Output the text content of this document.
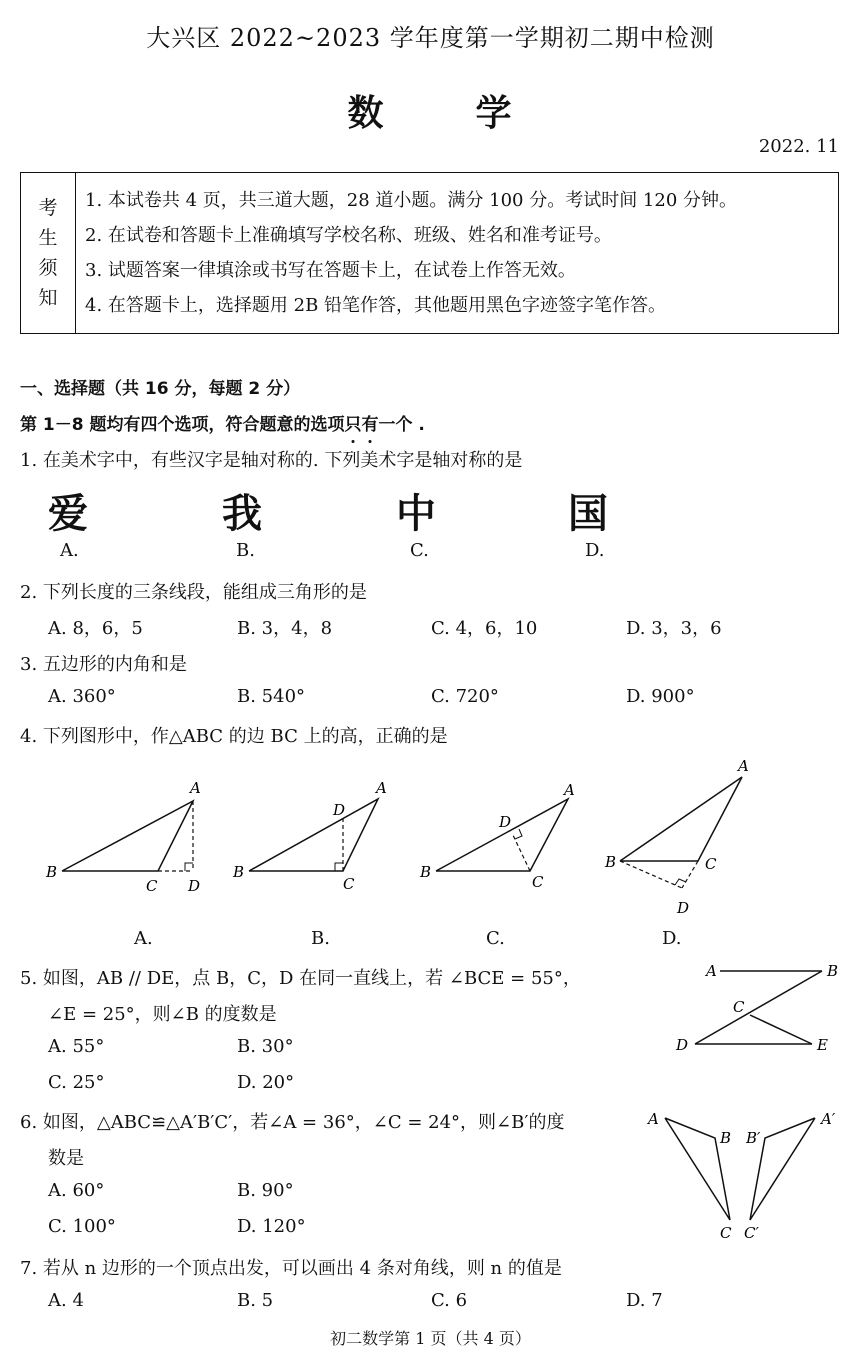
大兴区 2022~2023 学年度第一学期初二期中检测
数	学
2022. 11
考
生
须
知
1. 本试卷共 4 页，共三道大题，28 道小题。满分 100 分。考试时间 120 分钟。
2. 在试卷和答题卡上准确填写学校名称、班级、姓名和准考证号。
3. 试题答案一律填涂或书写在答题卡上，在试卷上作答无效。
4. 在答题卡上，选择题用 2B 铅笔作答，其他题用黑色字迹签字笔作答。
一、选择题（共 16 分，每题 2 分）
第 1－8 题均有四个选项，符合题意的选项只
有
一个 .
1. 在美术字中，有些汉字是轴对称的. 下列美术字是轴对称的是
爱	我	中	国
A.	B.	C.	D.
2. 下列长度的三条线段，能组成三角形的是
A. 8，6，5	B. 3，4，8	C. 4，6，10	D. 3，3，6
3. 五边形的内角和是
A. 360°	B. 540°	C. 720°	D. 900°
4. 下列图形中，作△ABC 的边 BC 上的高，正确的是
A
B
C D
A
D
B
C
A
D
B
C
A
B	C
D
A.	B.	C.	D.
5. 如图，AB // DE，点 B，C，D 在同一直线上，若 ∠BCE = 55°，
∠E = 25°，则∠B 的度数是
A. 55°	B. 30°
C. 25°	D. 20°
A	B
C
D	E
6. 如图，△ABC≌△A′B′C′，若∠A = 36°，∠C = 24°，则∠B′的度
数是
A. 60°	B. 90°
C. 100°	D. 120°
A
B
C
A′
B′
C′
7. 若从 n 边形的一个顶点出发，可以画出 4 条对角线，则 n 的值是
A. 4	B. 5	C. 6	D. 7
初二数学第 1 页（共 4 页）
